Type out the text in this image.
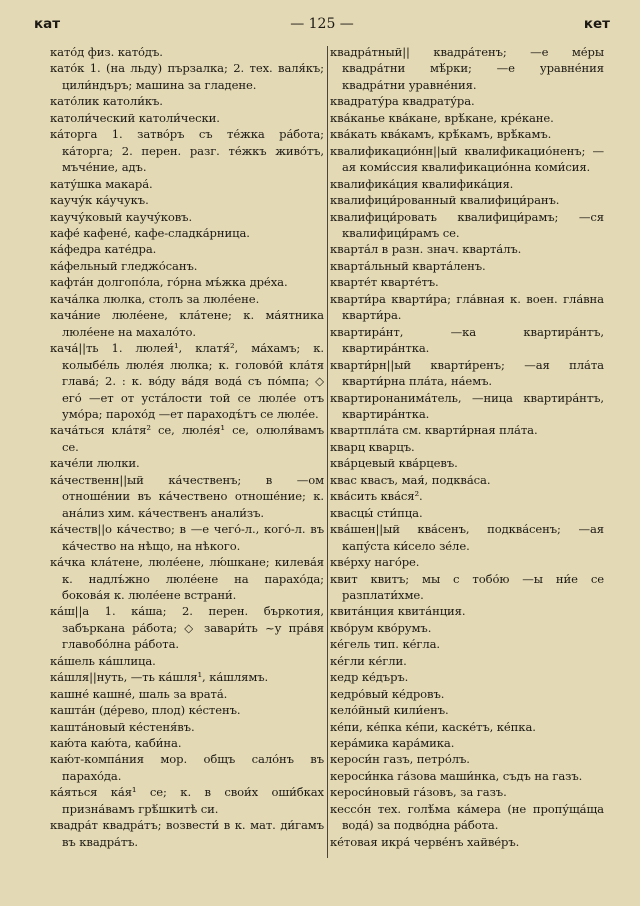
кат	— 125 —	кет

като́д физ. като́дъ.

като́к 1. (на льду) пързалка; 2. тех. валя́къ; цили́ндъръ; машина за гладене.

като́лик католи́къ.

католи́ческий католи́чески.

ка́торга 1. затво́ръ съ те́жка ра́бота; ка́торга; 2. перен. разг. те́жкъ живо́тъ, мъче́ние, адъ.

кату́шка макара́.

каучу́к ка́учукъ.

каучу́ковый каучу́ковъ.

кафе́ кафене́, кафе-сладка́рница.

ка́федра кате́дра.

ка́фельный гледжо́санъ.

кафта́н долгопо́ла, го́рна мъ́жка дре́ха.

кача́лка люлка, столъ за люле́ене.

кача́ние люле́ене, кла́тене; к. ма́ятника люле́ене на махало́то.

кача́||ть 1. люлея́¹, клатя́², ма́хамъ; к. колыбе́ль люле́я люлка; к. голово́й кла́тя глава́; 2. : к. во́ду ва́дя вода́ съ по́мпа; ◇ его́ —ет от уста́лости той се люле́е отъ умо́ра; парохо́д —ет параходъ́тъ се люле́е.

кача́ться кла́тя² се, люле́я¹ се, олюля́вамъ се.

каче́ли люлки.

ка́чественн||ый ка́чественъ; в —ом отноше́нии въ ка́чествено отноше́ние; к. ана́лиз хим. ка́чественъ анали́зъ.

ка́честв||о ка́чество; в —е чего́-л., кого́-л. въ ка́чество на нѣщо, на нѣкого.

ка́чка кла́тене, люле́ене, лю́шкане; килева́я к. надлъ́жно люле́ене на парахо́да; бокова́я к. люле́ене встрани́.

ка́ш||а 1. ка́ша; 2. перен. бъркотия, забъркана ра́бота; ◇ завари́ть ~у пра́вя главобо́лна ра́бота.

ка́шель ка́шлица.

ка́шля||нуть, —ть ка́шля¹, ка́шлямъ.

кашне́ кашне́, шаль за врата́.

кашта́н (де́рево, плод) ке́стенъ.

кашта́новый ке́стеня́въ.

каю́та каю́та, каби́на.

каю́т-компа́ния мор. общъ сало́нъ въ парахо́да.

ка́яться ка́я¹ се; к. в свои́х оши́бках призна́вамъ грѣ́шкитѣ си.

квадра́т квадра́тъ; возвести́ в к. мат. ди́гамъ въ квадра́тъ.

квадра́тный|| квадра́тенъ; —е ме́ры квадра́тни мѣ́рки; —е уравне́ния квадра́тни уравне́ния.

квадрату́ра квадрату́ра.

ква́канье ква́кане, врѣ́кане, кре́кане.

ква́кать ква́камъ, крѣ́камъ, врѣ́камъ.

квалификацио́нн||ый квалификацио́ненъ; —ая коми́ссия квалификацио́нна коми́сия.

квалифика́ция квалифика́ция.

квалифици́рованный квалифици́ранъ.

квалифици́ровать квалифици́рамъ; —ся квалифици́рамъ се.

кварта́л в разн. знач. кварта́лъ.

кварта́льный кварта́ленъ.

кварте́т кварте́тъ.

кварти́ра кварти́ра; гла́вная к. воен. гла́вна кварти́ра.

квартира́нт, —ка квартира́нтъ, квартира́нтка.

кварти́рн||ый кварти́ренъ; —ая пла́та кварти́рна пла́та, на́емъ.

квартиронанима́тель, —ница квартира́нтъ, квартира́нтка.

квартпла́та см. кварти́рная пла́та.

кварц кварцъ.

ква́рцевый ква́рцевъ.

квас квасъ, мая́, подква́са.

ква́сить ква́ся².

квасцы́ сти́пца.

ква́шен||ый ква́сенъ, подква́сенъ; —ая капу́ста ки́село зе́ле.

кве́рху наго́ре.

квит квитъ; мы с тобо́ю —ы ни́е се разплати́хме.

квита́нция квита́нция.

кво́рум кво́румъ.

ке́гель тип. ке́гла.

ке́гли ке́гли.

кедр ке́дъръ.

кедро́вый ке́дровъ.

кело́йный кили́енъ.

ке́пи, ке́пка ке́пи, каске́тъ, ке́пка.

кера́мика кара́мика.

кероси́н газъ, петро́лъ.

кероси́нка га́зова маши́нка, съдъ на газъ.

кероси́новый га́зовъ, за газъ.

кессо́н тех. голѣ́ма ка́мера (не пропу́ща́ща вода́) за подво́дна ра́бота.

ке́товая икра́ черве́нъ хайве́ръ.
